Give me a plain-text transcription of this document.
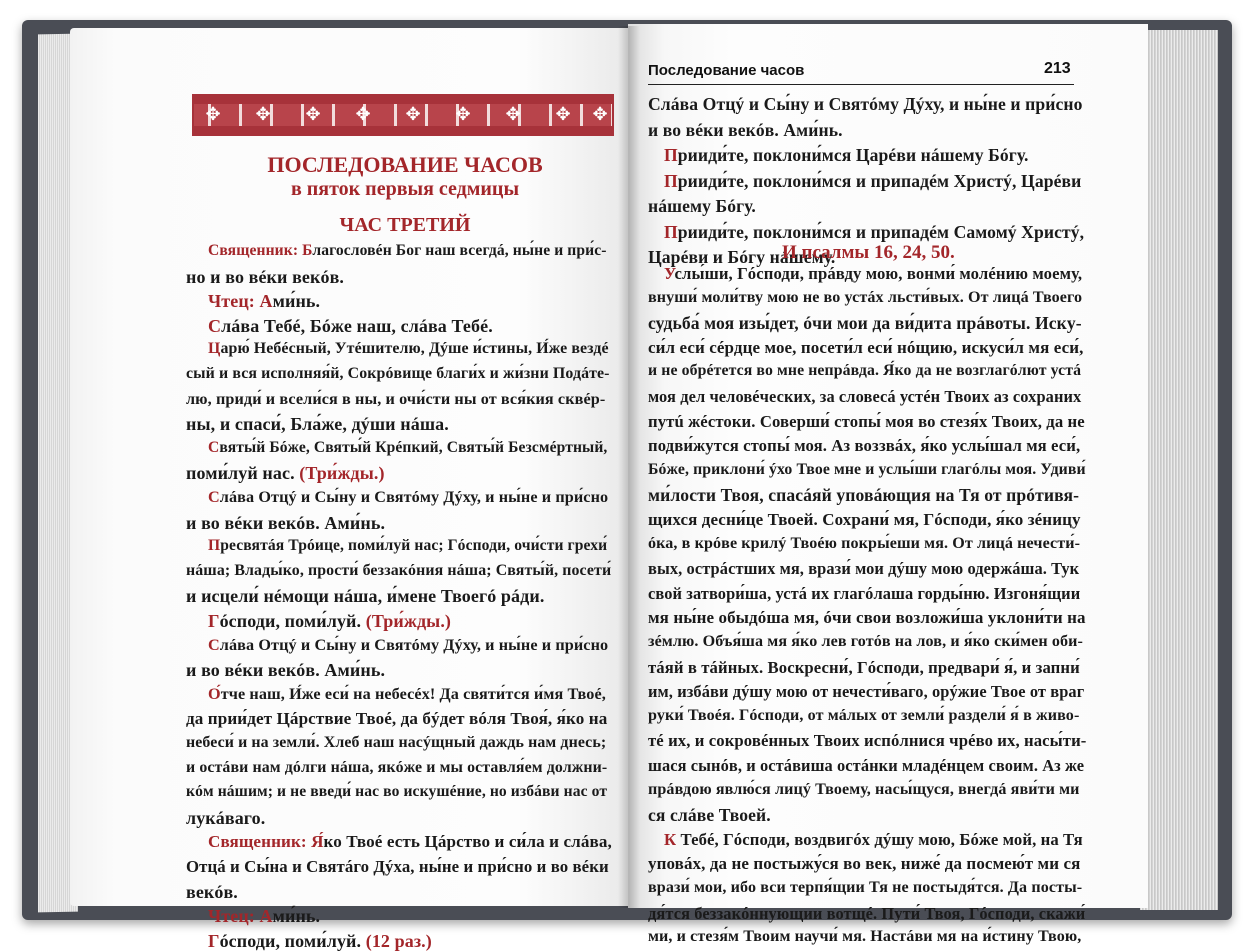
✥ ✥ ✥ ✥ ✥ ✥ ✥ ✥ ✥
ПОСЛЕДОВАНИЕ ЧАСОВ
в пяток первыя седмицы
ЧАС ТРЕТИЙ
Священник: Благословéн Бог наш всегдá, ны́не и при́с-
но и во вéки векóв.
Чтец: Ами́нь.
Слáва Тебé, Бóже наш, слáва Тебé.
Царю́ Небéсный, Утéшителю, Дýше и́стины, И́же вездé
сый и вся исполняя́й, Сокрóвище благи́х и жи́зни Подáте-
лю, приди́ и всели́ся в ны, и очи́сти ны от вся́кия сквéр-
ны, и спаси́, Бла́же, дýши нáша.
Святы́й Бóже, Святы́й Крéпкий, Святы́й Безсмéртный,
поми́луй нас. (Три́жды.)
Слáва Отцý и Сы́ну и Святóму Дýху, и ны́не и при́сно
и во вéки векóв. Ами́нь.
Пресвятáя Трóице, поми́луй нас; Гóсподи, очи́сти грехи́
нáша; Влады́ко, прости́ беззакóния нáша; Святы́й, посети́
и исцели́ нéмощи нáша, и́мене Твоегó рáди.
Гóсподи, поми́луй. (Три́жды.)
Слáва Отцý и Сы́ну и Святóму Дýху, и ны́не и при́сно
и во вéки векóв. Ами́нь.
О́тче наш, И́же еси́ на небесéх! Да святи́тся и́мя Твоé,
да прии́дет Цáрствие Твоé, да бýдет вóля Твоя́, я́ко на
небеси́ и на земли́. Хлеб наш насýщный даждь нам днесь;
и остáви нам дóлги нáша, якóже и мы оставля́ем должни-
кóм нáшим; и не введи́ нас во искушéние, но избáви нас от
лукáваго.
Священник: Я́ко Твоé есть Цáрство и си́ла и слáва,
Отцá и Сы́на и Святáго Дýха, ны́не и при́сно и во вéки
векóв.
Чтец: Ами́нь.
Гóсподи, поми́луй. (12 раз.)
Последование часов	213
Слáва Отцý и Сы́ну и Святóму Дýху, и ны́не и при́сно
и во вéки векóв. Ами́нь.
Прииди́те, поклони́мся Царéви нáшему Бóгу.
Прииди́те, поклони́мся и припадéм Христý, Царéви
нáшему Бóгу.
Прииди́те, поклони́мся и припадéм Самомý Христý,
Царéви и Бóгу нáшему.
Услы́ши, Гóсподи, прáвду мою, вонми́ молéнию моему,
внуши́ моли́тву мою не во устáх льсти́вых. От лицá Твоего
судьба́ моя изы́дет, óчи мои да ви́дита прáвоты. Искy-
си́л еси́ сéрдце мое, посети́л еси́ нóщию, искуси́л мя еси́,
и не обрéтется во мне непрáвда. Я́ко да не возглагóлют устá
моя дел человéческих, за словесá устéн Твоих аз сохраних
путú жéстоки. Соверши́ стопы́ моя во стезя́х Твоих, да не
подви́жутся стопы́ моя. Аз воззвáх, я́ко услы́шал мя еси́,
Бóже, приклони́ ýхо Твое мне и услы́ши глагóлы моя. Удиви́
ми́лости Твоя, спасáяй уповáющия на Тя от прóтивя-
щихся десни́це Твоей. Сохрани́ мя, Гóсподи, я́ко зéницу
óка, в крóве крилý Твоéю покры́еши мя. От лицá нечести́-
вых, острáстших мя, врази́ мои дýшу мою одержáша. Тук
свой затвори́ша, устá их глагóлаша горды́ню. Изгоня́щии
мя ны́не обыдóша мя, óчи свои возложи́ша уклони́ти на
зéмлю. Объя́ша мя я́ко лев готóв на лов, и я́ко ски́мен оби-
тáяй в тáйных. Воскресни́, Гóсподи, предвари́ я́, и запни́
им, избáви дýшу мою от нечести́ваго, орýжие Твое от враг
руки́ Твоéя. Гóсподи, от мáлых от земли́ раздели́ я́ в живо-
тé их, и сокровéнных Твоих испóлнися чрéво их, насы́ти-
шася сынóв, и остáвиша остáнки младéнцем своим. Аз же
прáвдою явлю́ся лицý Твоему, насы́щуся, внегдá яви́ти ми
ся слáве Твоей.
К Тебé, Гóсподи, воздвигóх дýшу мою, Бóже мой, на Тя
уповáх, да не постыжу́ся во век, ниже́ да посмею́т ми ся
врази́ мои, ибо вси терпя́щии Тя не постыдя́тся. Да посты-
дя́тся беззакóннующии вотщé. Пути́ Твоя, Гóсподи, скажи́
ми, и стезя́м Твоим научи́ мя. Настáви мя на и́стину Твою,
И псалмы 16, 24, 50.
